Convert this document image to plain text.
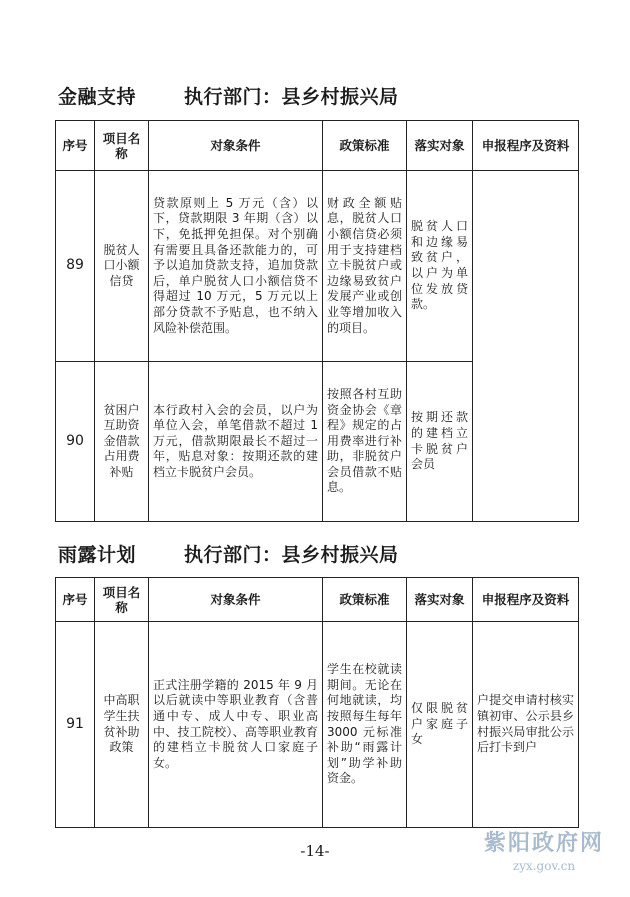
金融支持	执行部门：县乡村振兴局
序号	项目名称	对象条件	政策标准	落实对象	申报程序及资料
89	脱贫人口小额信贷	贷款原则上 5 万元（含）以下，贷款期限 3 年期（含）以下，免抵押免担保。对个别确有需要且具备还款能力的，可予以追加贷款支持，追加贷款后，单户脱贫人口小额信贷不得超过 10 万元，5 万元以上部分贷款不予贴息，也不纳入风险补偿范围。	财政全额贴息，脱贫人口小额信贷必须用于支持建档立卡脱贫户或边缘易致贫户发展产业或创业等增加收入的项目。	脱贫人口和边缘易致贫户，以户为单位发放贷款。	
90	贫困户互助资金借款占用费补贴	本行政村入会的会员，以户为单位入会，单笔借款不超过 1 万元，借款期限最长不超过一年，贴息对象：按期还款的建档立卡脱贫户会员。	按照各村互助资金协会《章程》规定的占用费率进行补助，非脱贫户会员借款不贴息。	按期还款的建档立卡脱贫户会员	
雨露计划	执行部门：县乡村振兴局
序号	项目名称	对象条件	政策标准	落实对象	申报程序及资料
91	中高职学生扶贫补助政策	正式注册学籍的 2015 年 9 月以后就读中等职业教育（含普通中专、成人中专、职业高中、技工院校）、高等职业教育的建档立卡脱贫人口家庭子女。	学生在校就读期间。无论在何地就读，均按照每生每年 3000 元标准补助“雨露计划”助学补助资金。	仅限脱贫户家庭子女	户提交申请村核实镇初审、公示县乡村振兴局审批公示后打卡到户
-14-	紫阳政府网
zyx.gov.cn
